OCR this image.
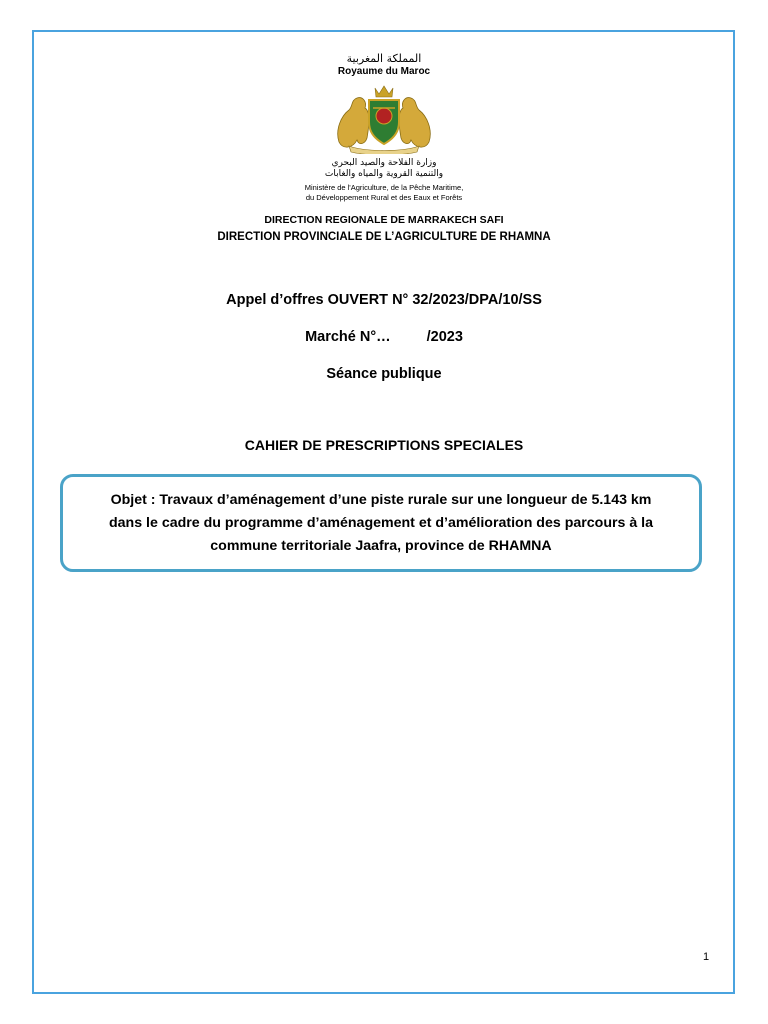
المملكة المغربية
Royaume du Maroc
وزارة الفلاحة والصيد البحري
والتنمية القروية والمياه والغابات
Ministère de l'Agriculture, de la Pêche Maritime,
du Développement Rural et des Eaux et Forêts
DIRECTION REGIONALE DE MARRAKECH SAFI
DIRECTION PROVINCIALE DE L’AGRICULTURE DE RHAMNA
Appel d’offres OUVERT N° 32/2023/DPA/10/SS
Marché N°… /2023
Séance publique
CAHIER DE PRESCRIPTIONS SPECIALES
Objet : Travaux d’aménagement d’une piste rurale sur une longueur de 5.143 km
dans le cadre du programme d’aménagement et d’amélioration des parcours à la
commune territoriale Jaafra, province de RHAMNA
1
